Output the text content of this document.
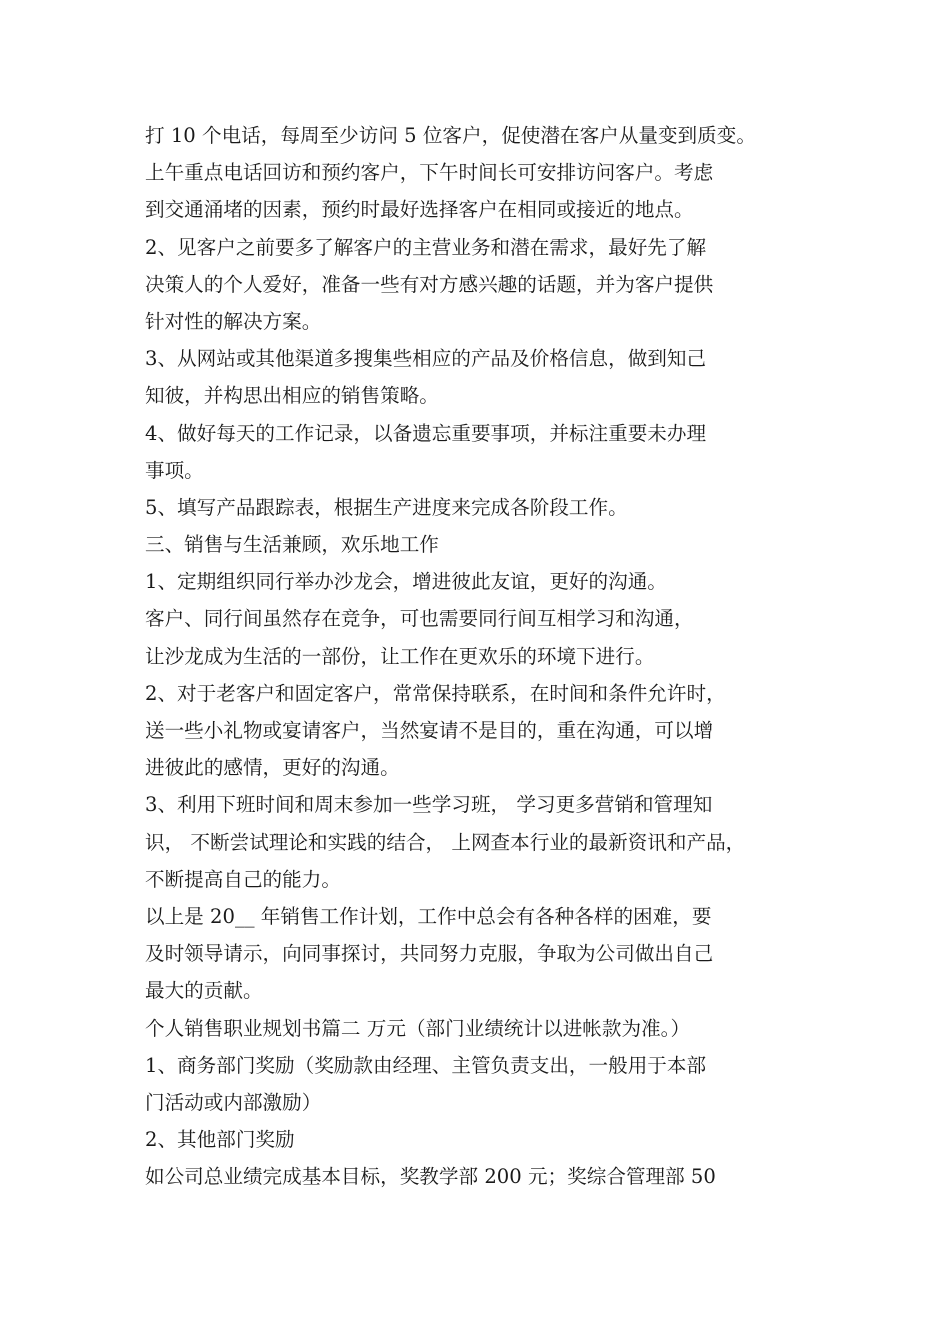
打 10 个电话，每周至少访问 5 位客户，促使潜在客户从量变到质变。
上午重点电话回访和预约客户，下午时间长可安排访问客户。考虑
到交通涌堵的因素，预约时最好选择客户在相同或接近的地点。
2、见客户之前要多了解客户的主营业务和潜在需求，最好先了解
决策人的个人爱好，准备一些有对方感兴趣的话题，并为客户提供
针对性的解决方案。
3、从网站或其他渠道多搜集些相应的产品及价格信息，做到知己
知彼，并构思出相应的销售策略。
4、做好每天的工作记录，以备遗忘重要事项，并标注重要未办理
事项。
5、填写产品跟踪表，根据生产进度来完成各阶段工作。
三、销售与生活兼顾，欢乐地工作
1、定期组织同行举办沙龙会，增进彼此友谊，更好的沟通。
客户、同行间虽然存在竞争，可也需要同行间互相学习和沟通，
让沙龙成为生活的一部份，让工作在更欢乐的环境下进行。
2、对于老客户和固定客户，常常保持联系，在时间和条件允许时，
送一些小礼物或宴请客户，当然宴请不是目的，重在沟通，可以增
进彼此的感情，更好的沟通。
3、利用下班时间和周末参加一些学习班， 学习更多营销和管理知
识， 不断尝试理论和实践的结合， 上网查本行业的最新资讯和产品，
不断提高自己的能力。
以上是 20__ 年销售工作计划，工作中总会有各种各样的困难，要
及时领导请示，向同事探讨，共同努力克服，争取为公司做出自己
最大的贡献。
个人销售职业规划书篇二 万元（部门业绩统计以进帐款为准。）
1、商务部门奖励（奖励款由经理、主管负责支出，一般用于本部
门活动或内部激励）
2、其他部门奖励
如公司总业绩完成基本目标，奖教学部 200 元；奖综合管理部 50
